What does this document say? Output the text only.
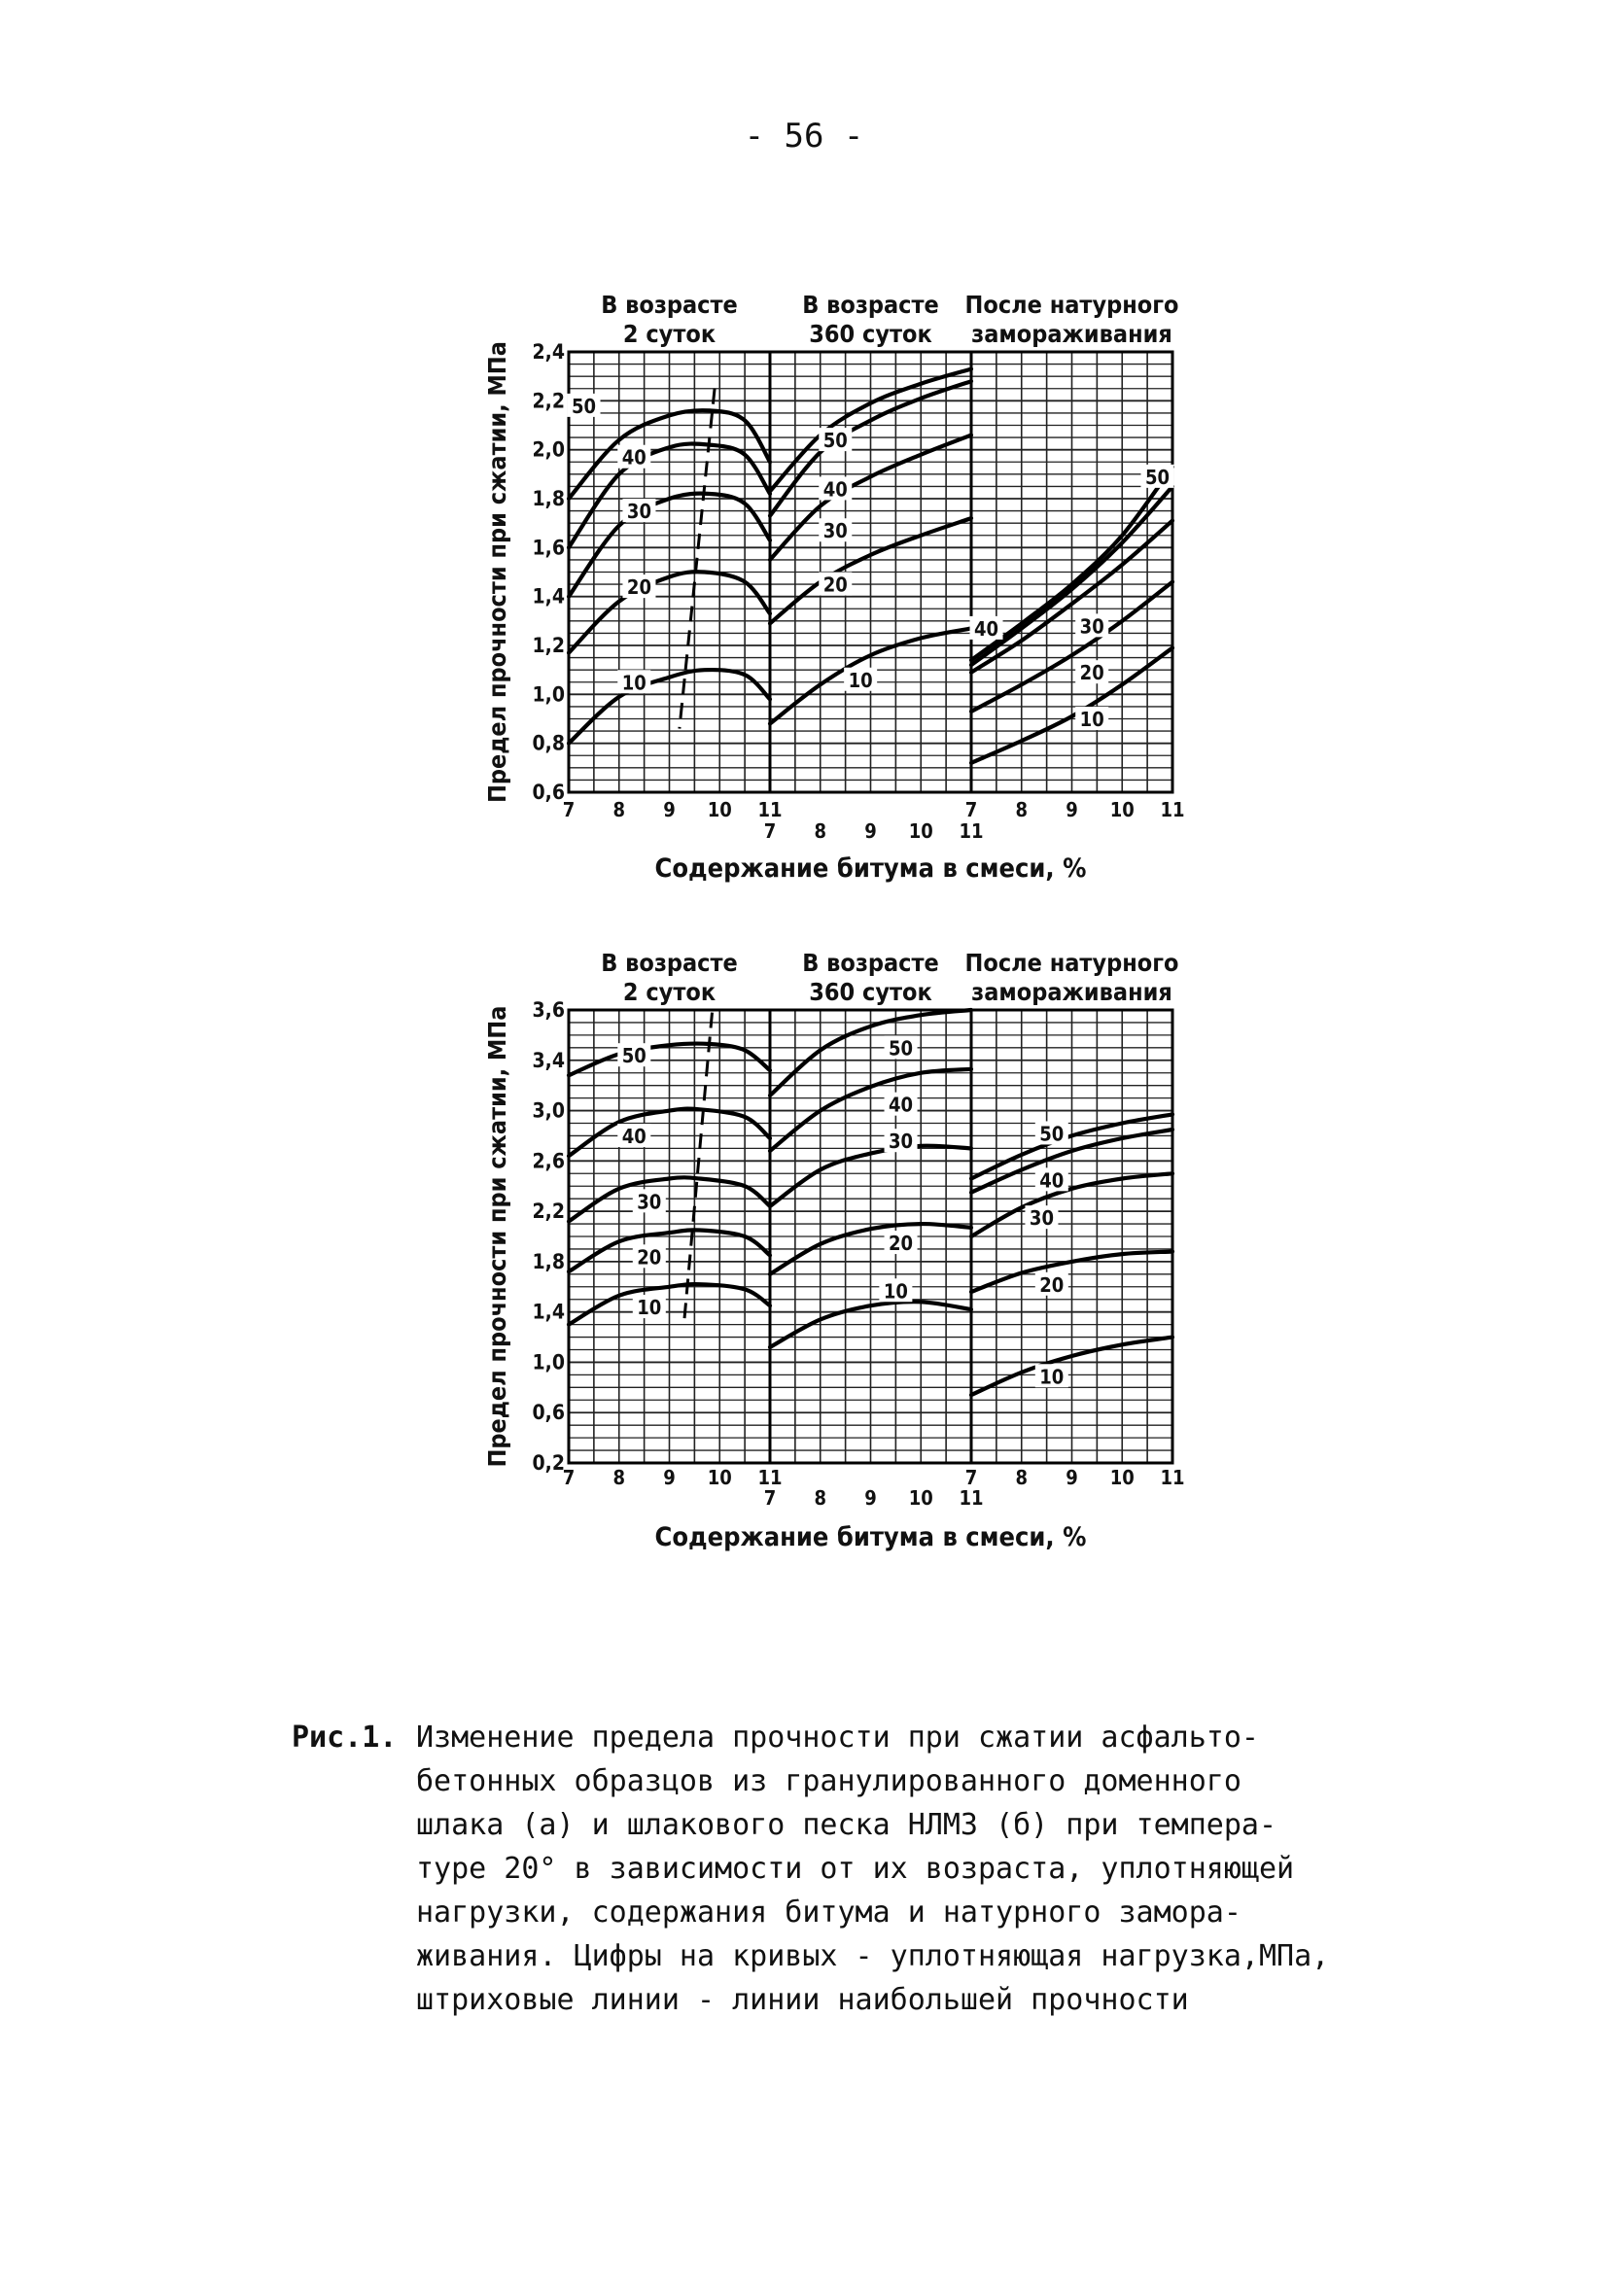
- 56 -
В возрасте
2 суток
50
40
30
20
10
7 8 9 10 11
В возрасте
360 суток
50
40
30
20
10
7 8 9 10 11
После натурного
замораживания
50
40	30
20
10
7 8 9 10 11
0,6
0,8
1,0
1,2
1,4
1,6
1,8
2,0
2,2
2,4
Предел прочности при сжатии, МПа
Содержание битума в смеси, %
В возрасте
2 суток
50
40
30
20
10
7 8 9 10 11
В возрасте
360 суток
50
40
30
20
10
7 8 9 10 11
После натурного
замораживания
50
40
30
20
10
7 8 9 10 11
0,2
0,6
1,0
1,4
1,8
2,2
2,6
3,0
3,4
3,6
Предел прочности при сжатии, МПа
Содержание битума в смеси, %
Рис.1. Изменение предела прочности при сжатии асфальто-
бетонных образцов из гранулированного доменного
шлака (а) и шлакового песка НЛМЗ (б) при темпера-
туре 20° в зависимости от их возраста, уплотняющей
нагрузки, содержания битума и натурного замора-
живания. Цифры на кривых - уплотняющая нагрузка,МПа,
штриховые линии - линии наибольшей прочности
